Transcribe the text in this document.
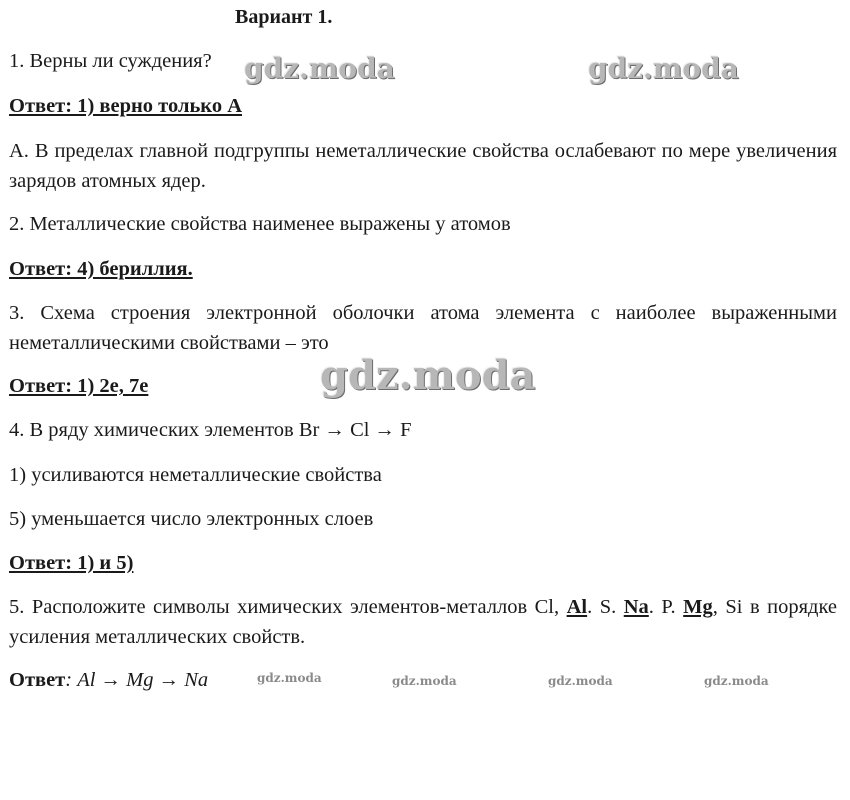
Вариант 1.
1. Верны ли суждения?
Ответ: 1) верно только А
А. В пределах главной подгруппы неметаллические свойства ослабевают по мере увеличения зарядов атомных ядер.
2. Металлические свойства наименее выражены у атомов
Ответ: 4) бериллия.
3. Схема строения электронной оболочки атома элемента с наиболее выраженными неметаллическими свойствами – это
Ответ: 1) 2е, 7е
4. В ряду химических элементов Br → Cl → F
1) усиливаются неметаллические свойства
5) уменьшается число электронных слоев
Ответ: 1) и 5)
5. Расположите символы химических элементов-металлов Cl, Al. S. Na. P. Mg, Si в порядке усиления металлических свойств.
Ответ: Al → Mg → Na
gdz.moda	gdz.moda
gdz.moda
gdz.moda	gdz.moda	gdz.moda	gdz.moda
